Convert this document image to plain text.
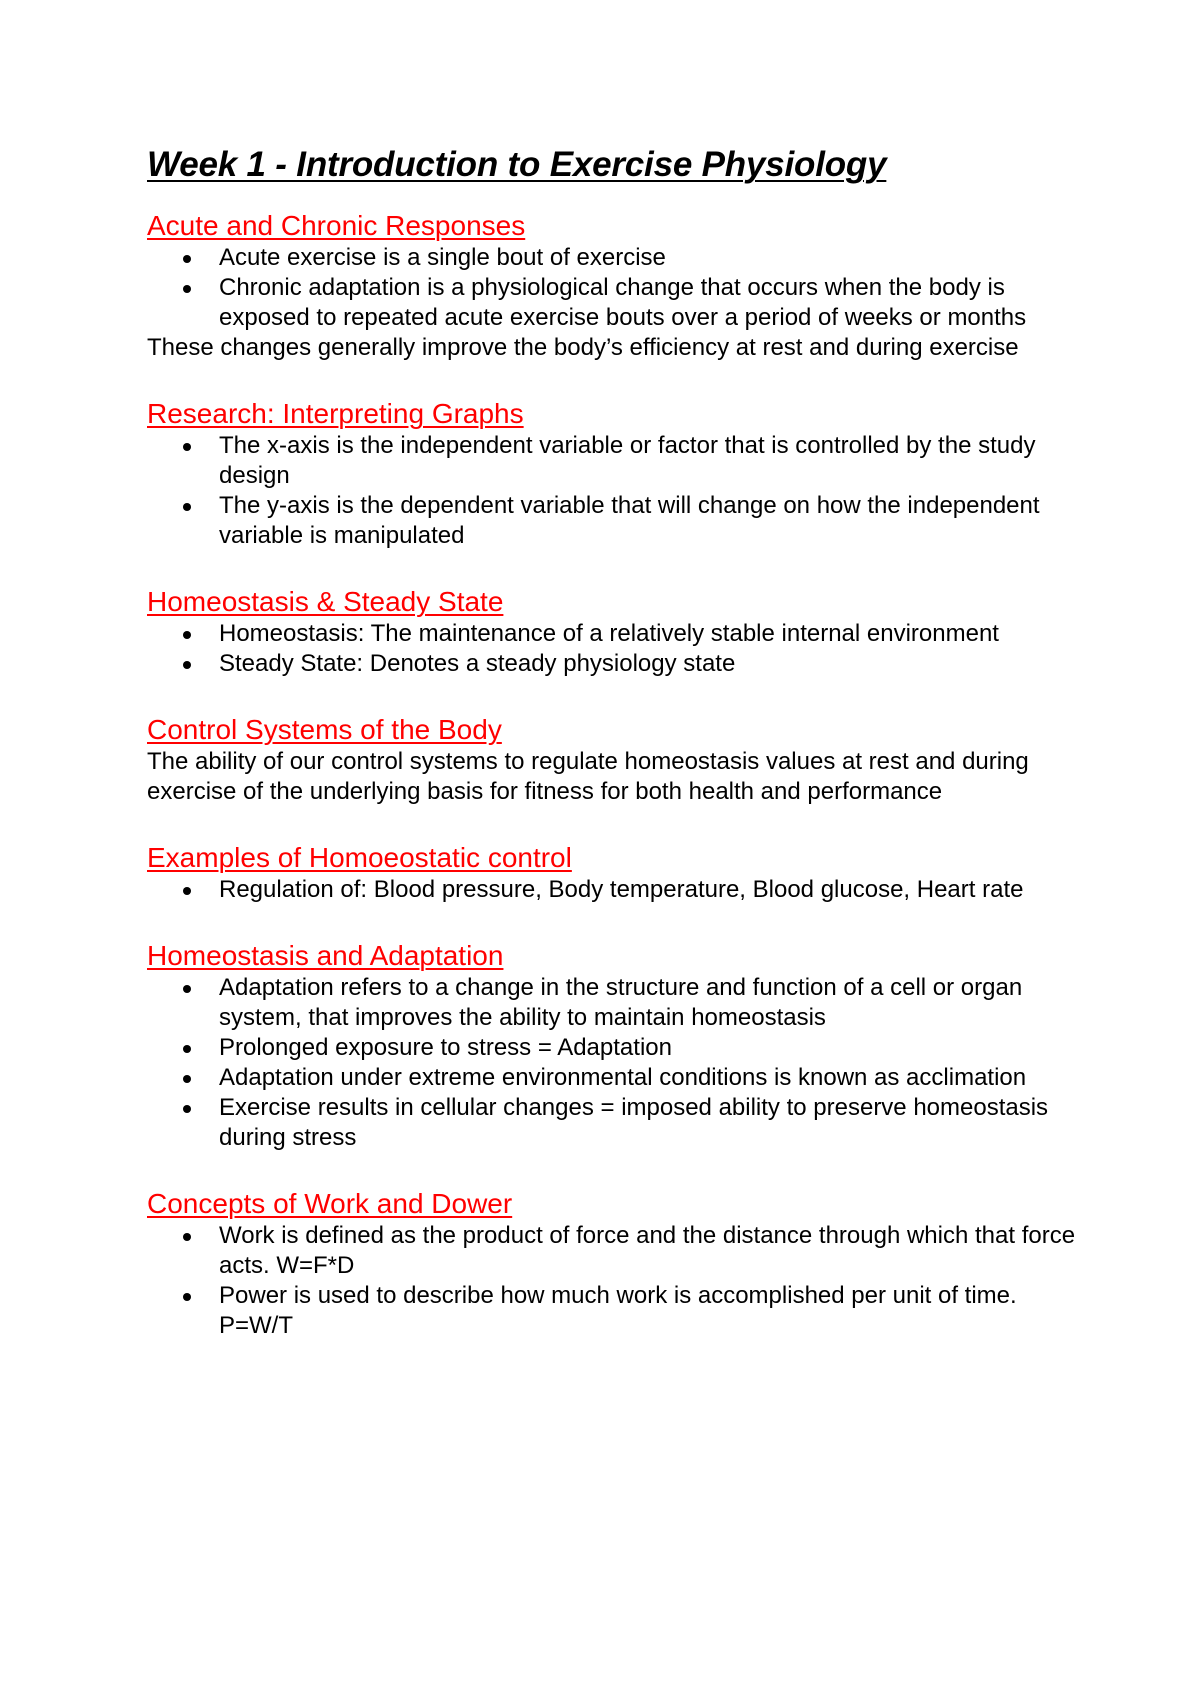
Week 1 - Introduction to Exercise Physiology
Acute and Chronic Responses
Acute exercise is a single bout of exercise
Chronic adaptation is a physiological change that occurs when the body is exposed to repeated acute exercise bouts over a period of weeks or months

These changes generally improve the body’s efficiency at rest and during exercise

Research: Interpreting Graphs
The x-axis is the independent variable or factor that is controlled by the study design
The y-axis is the dependent variable that will change on how the independent variable is manipulated
Homeostasis & Steady State
Homeostasis: The maintenance of a relatively stable internal environment
Steady State: Denotes a steady physiology state
Control Systems of the Body

The ability of our control systems to regulate homeostasis values at rest and during exercise of the underlying basis for fitness for both health and performance

Examples of Homoeostatic control
Regulation of: Blood pressure, Body temperature, Blood glucose, Heart rate
Homeostasis and Adaptation
Adaptation refers to a change in the structure and function of a cell or organ system, that improves the ability to maintain homeostasis
Prolonged exposure to stress = Adaptation
Adaptation under extreme environmental conditions is known as acclimation
Exercise results in cellular changes = imposed ability to preserve homeostasis during stress
Concepts of Work and Dower
Work is defined as the product of force and the distance through which that force acts. W=F*D
Power is used to describe how much work is accomplished per unit of time. P=W/T
